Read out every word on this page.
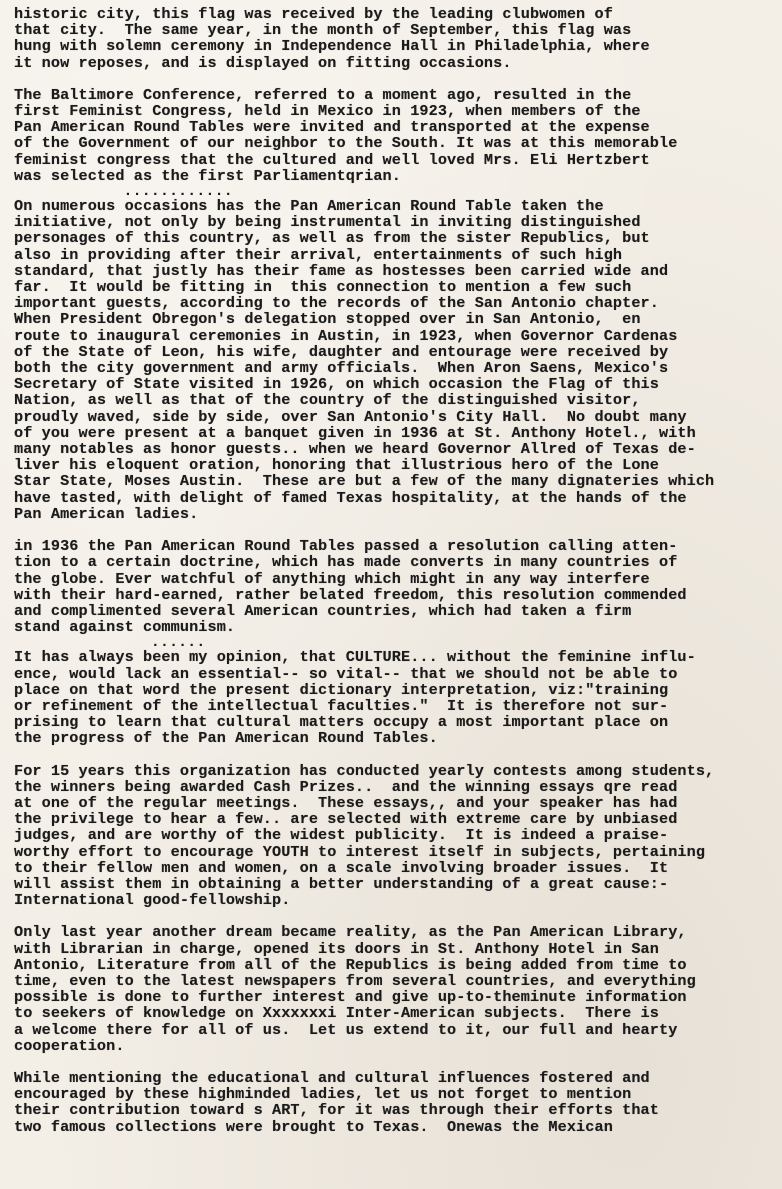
historic city, this flag was received by the leading clubwomen of
that city.  The same year, in the month of September, this flag was
hung with solemn ceremony in Independence Hall in Philadelphia, where
it now reposes, and is displayed on fitting occasions.

The Baltimore Conference, referred to a moment ago, resulted in the
first Feminist Congress, held in Mexico in 1923, when members of the
Pan American Round Tables were invited and transported at the expense
of the Government of our neighbor to the South. It was at this memorable
feminist congress that the cultured and well loved Mrs. Eli Hertzbert
was selected as the first Parliamentqrian.

............

On numerous occasions has the Pan American Round Table taken the
initiative, not only by being instrumental in inviting distinguished
personages of this country, as well as from the sister Republics, but
also in providing after their arrival, entertainments of such high
standard, that justly has their fame as hostesses been carried wide and
far.  It would be fitting in  this connection to mention a few such
important guests, according to the records of the San Antonio chapter.
When President Obregon's delegation stopped over in San Antonio,  en
route to inaugural ceremonies in Austin, in 1923, when Governor Cardenas
of the State of Leon, his wife, daughter and entourage were received by
both the city government and army officials.  When Aron Saens, Mexico's
Secretary of State visited in 1926, on which occasion the Flag of this
Nation, as well as that of the country of the distinguished visitor,
proudly waved, side by side, over San Antonio's City Hall.  No doubt many
of you were present at a banquet given in 1936 at St. Anthony Hotel., with
many notables as honor guests.. when we heard Governor Allred of Texas de-
liver his eloquent oration, honoring that illustrious hero of the Lone
Star State, Moses Austin.  These are but a few of the many dignateries which
have tasted, with delight of famed Texas hospitality, at the hands of the
Pan American ladies.

in 1936 the Pan American Round Tables passed a resolution calling atten-
tion to a certain doctrine, which has made converts in many countries of
the globe. Ever watchful of anything which might in any way interfere
with their hard-earned, rather belated freedom, this resolution commended
and complimented several American countries, which had taken a firm
stand against communism.

......

It has always been my opinion, that CULTURE... without the feminine influ-
ence, would lack an essential-- so vital-- that we should not be able to
place on that word the present dictionary interpretation, viz:"training
or refinement of the intellectual faculties."  It is therefore not sur-
prising to learn that cultural matters occupy a most important place on
the progress of the Pan American Round Tables.

For 15 years this organization has conducted yearly contests among students,
the winners being awarded Cash Prizes..  and the winning essays qre read
at one of the regular meetings.  These essays,, and your speaker has had
the privilege to hear a few.. are selected with extreme care by unbiased
judges, and are worthy of the widest publicity.  It is indeed a praise-
worthy effort to encourage YOUTH to interest itself in subjects, pertaining
to their fellow men and women, on a scale involving broader issues.  It
will assist them in obtaining a better understanding of a great cause:-
International good-fellowship.

Only last year another dream became reality, as the Pan American Library,
with Librarian in charge, opened its doors in St. Anthony Hotel in San
Antonio, Literature from all of the Republics is being added from time to
time, even to the latest newspapers from several countries, and everything
possible is done to further interest and give up-to-theminute information
to seekers of knowledge on Xxxxxxxi Inter-American subjects.  There is
a welcome there for all of us.  Let us extend to it, our full and hearty
cooperation.

While mentioning the educational and cultural influences fostered and
encouraged by these highminded ladies, let us not forget to mention
their contribution toward s ART, for it was through their efforts that
two famous collections were brought to Texas.  Onewas the Mexican
